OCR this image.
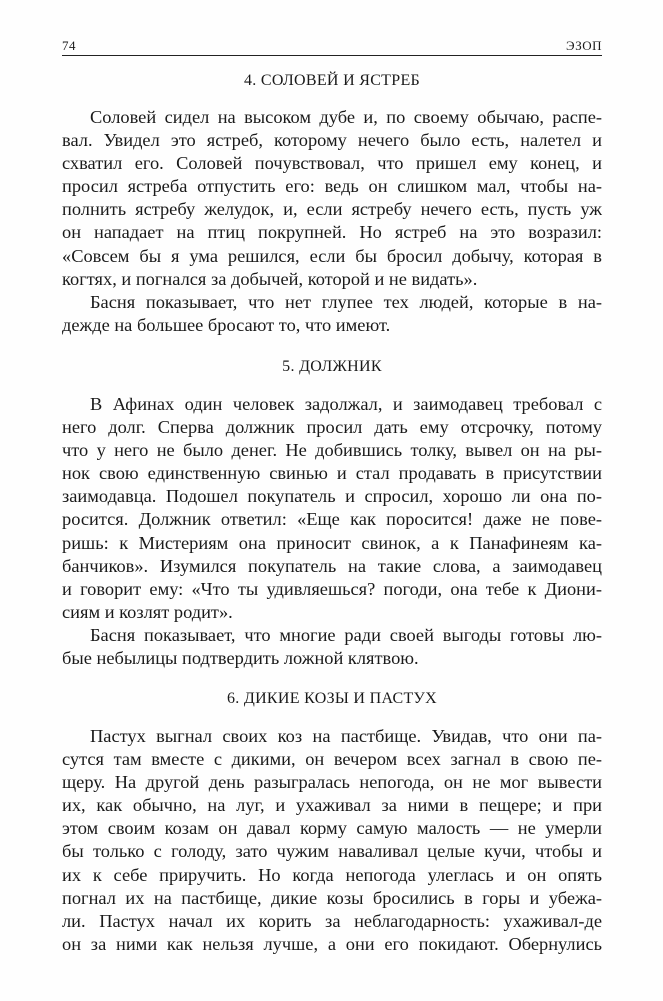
74	ЭЗОП
4. СОЛОВЕЙ И ЯСТРЕБ

Соловей сидел на высоком дубе и, по своему обычаю, распе-
вал. Увидел это ястреб, которому нечего было есть, налетел и
схватил его. Соловей почувствовал, что пришел ему конец, и
просил ястреба отпустить его: ведь он слишком мал, чтобы на-
полнить ястребу желудок, и, если ястребу нечего есть, пусть уж
он нападает на птиц покрупней. Но ястреб на это возразил:
«Совсем бы я ума решился, если бы бросил добычу, которая в
когтях, и погнался за добычей, которой и не видать».

Басня показывает, что нет глупее тех людей, которые в на-
дежде на большее бросают то, что имеют.

5. ДОЛЖНИК

В Афинах один человек задолжал, и заимодавец требовал с
него долг. Сперва должник просил дать ему отсрочку, потому
что у него не было денег. Не добившись толку, вывел он на ры-
нок свою единственную свинью и стал продавать в присутствии
заимодавца. Подошел покупатель и спросил, хорошо ли она по-
росится. Должник ответил: «Еще как поросится! даже не пове-
ришь: к Мистериям она приносит свинок, а к Панафинеям ка-
банчиков». Изумился покупатель на такие слова, а заимодавец
и говорит ему: «Что ты удивляешься? погоди, она тебе к Диони-
сиям и козлят родит».

Басня показывает, что многие ради своей выгоды готовы лю-
бые небылицы подтвердить ложной клятвою.

6. ДИКИЕ КОЗЫ И ПАСТУХ

Пастух выгнал своих коз на пастбище. Увидав, что они па-
сутся там вместе с дикими, он вечером всех загнал в свою пе-
щеру. На другой день разыгралась непогода, он не мог вывести
их, как обычно, на луг, и ухаживал за ними в пещере; и при
этом своим козам он давал корму самую малость — не умерли
бы только с голоду, зато чужим наваливал целые кучи, чтобы и
их к себе приручить. Но когда непогода улеглась и он опять
погнал их на пастбище, дикие козы бросились в горы и убежа-
ли. Пастух начал их корить за неблагодарность: ухаживал-де
он за ними как нельзя лучше, а они его покидают. Обернулись
